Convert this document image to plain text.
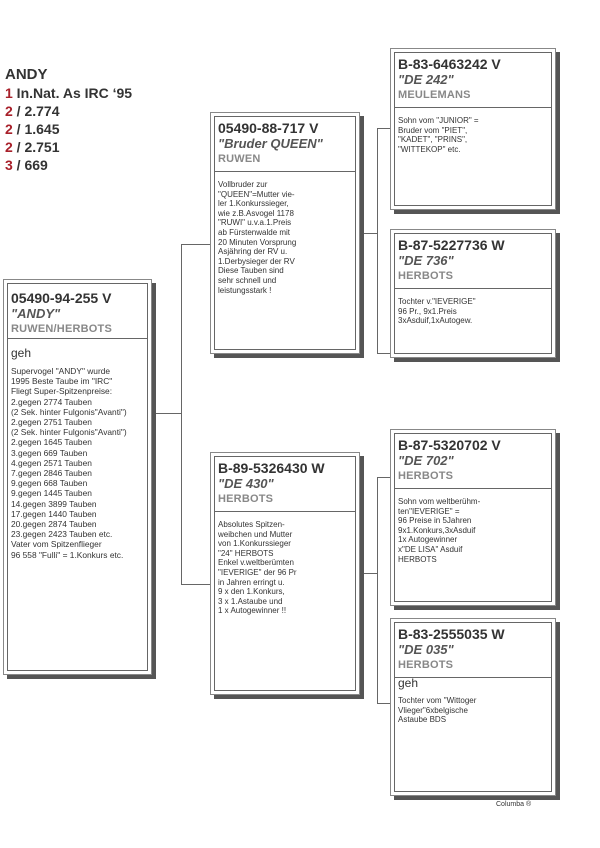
ANDY
1 In.Nat. As IRC ‘95
2 / 2.774
2 / 1.645
2 / 2.751
3 / 669
05490-94-255 V
"ANDY"
RUWEN/HERBOTS
geh
Supervogel "ANDY" wurde
1995 Beste Taube im "IRC"
Fliegt Super-Spitzenpreise:
2.gegen 2774 Tauben
(2 Sek. hinter Fulgonis"Avanti")
2.gegen 2751 Tauben
(2 Sek. hinter Fulgonis"Avanti")
2.gegen 1645 Tauben
3.gegen 669 Tauben
4.gegen 2571 Tauben
7.gegen 2846 Tauben
9.gegen 668 Tauben
9.gegen 1445 Tauben
14.gegen 3899 Tauben
17.gegen 1440 Tauben
20.gegen 2874 Tauben
23.gegen 2423 Tauben etc.
Vater vom Spitzenflieger
96 558 "Fulli" = 1.Konkurs etc.
05490-88-717 V
"Bruder QUEEN"
RUWEN
Vollbruder zur
"QUEEN"=Mutter vie-
ler 1.Konkurssieger,
wie z.B.Asvogel 1178
"RUWI" u.v.a.1.Preis
ab Fürstenwalde mit
20 Minuten Vorsprung
Asjähring der RV u.
1.Derbysieger der RV
Diese Tauben sind
sehr schnell und
leistungsstark !
B-89-5326430 W
"DE 430"
HERBOTS
Absolutes Spitzen-
weibchen und Mutter
von 1.Konkurssieger
"24" HERBOTS
Enkel v.weltberümten
"IEVERIGE" der 96 Pr
in Jahren erringt u.
9 x den 1.Konkurs,
3 x 1.Astaube und
1 x Autogewinner !!
B-83-6463242 V
"DE 242"
MEULEMANS
Sohn vom "JUNIOR" =
Bruder vom "PIET",
"KADET", "PRINS",
"WITTEKOP" etc.
B-87-5227736 W
"DE 736"
HERBOTS
Tochter v."IEVERIGE"
96 Pr., 9x1.Preis
3xAsduif,1xAutogew.
B-87-5320702 V
"DE 702"
HERBOTS
Sohn vom weltberühm-
ten"IEVERIGE" =
96 Preise in 5Jahren
9x1.Konkurs,3xAsduif
1x Autogewinner
x"DE LISA" Asduif
HERBOTS
B-83-2555035 W
"DE 035"
HERBOTS
geh
Tochter vom "Wittoger
Vlieger"6xbelgische
Astaube BDS
Columba ®
